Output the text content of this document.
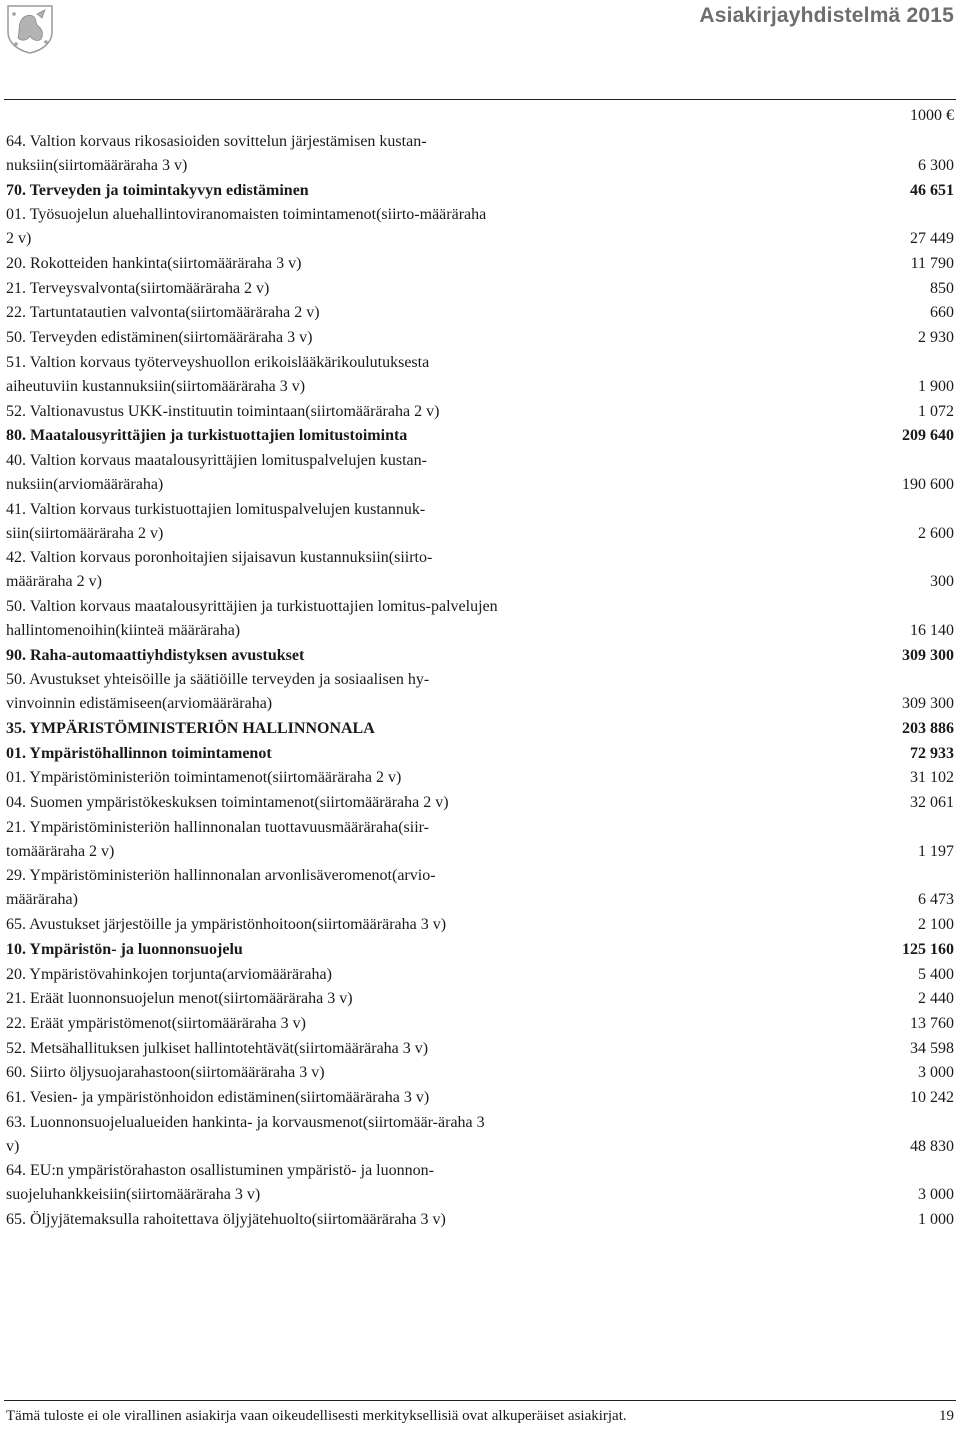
Asiakirjayhdistelmä 2015
1000 €
64. Valtion korvaus rikosasioiden sovittelun järjestämisen kustan-nuksiin(siirtomääräraha 3 v)	6 300
70. Terveyden ja toimintakyvyn edistäminen	46 651
01. Työsuojelun aluehallintoviranomaisten toimintamenot(siirto-määräraha 2 v)	27 449
20. Rokotteiden hankinta(siirtomääräraha 3 v)	11 790
21. Terveysvalvonta(siirtomääräraha 2 v)	850
22. Tartuntatautien valvonta(siirtomääräraha 2 v)	660
50. Terveyden edistäminen(siirtomääräraha 3 v)	2 930
51. Valtion korvaus työterveyshuollon erikoislääkärikoulutuksesta aiheutuviin kustannuksiin(siirtomääräraha 3 v)	1 900
52. Valtionavustus UKK-instituutin toimintaan(siirtomääräraha 2 v)	1 072
80. Maatalousyrittäjien ja turkistuottajien lomitustoiminta	209 640
40. Valtion korvaus maatalousyrittäjien lomituspalvelujen kustan-nuksiin(arviomääräraha)	190 600
41. Valtion korvaus turkistuottajien lomituspalvelujen kustannuk-siin(siirtomääräraha 2 v)	2 600
42. Valtion korvaus poronhoitajien sijaisavun kustannuksiin(siirto-määräraha 2 v)	300
50. Valtion korvaus maatalousyrittäjien ja turkistuottajien lomitus-palvelujen hallintomenoihin(kiinteä määräraha)	16 140
90. Raha-automaattiyhdistyksen avustukset	309 300
50. Avustukset yhteisöille ja säätiöille terveyden ja sosiaalisen hy-vinvoinnin edistämiseen(arviomääräraha)	309 300
35. YMPÄRISTÖMINISTERIÖN HALLINNONALA	203 886
01. Ympäristöhallinnon toimintamenot	72 933
01. Ympäristöministeriön toimintamenot(siirtomääräraha 2 v)	31 102
04. Suomen ympäristökeskuksen toimintamenot(siirtomääräraha 2 v)	32 061
21. Ympäristöministeriön hallinnonalan tuottavuusmääräraha(siir-tomääräraha 2 v)	1 197
29. Ympäristöministeriön hallinnonalan arvonlisäveromenot(arvio-määräraha)	6 473
65. Avustukset järjestöille ja ympäristönhoitoon(siirtomääräraha 3 v)	2 100
10. Ympäristön- ja luonnonsuojelu	125 160
20. Ympäristövahinkojen torjunta(arviomääräraha)	5 400
21. Eräät luonnonsuojelun menot(siirtomääräraha 3 v)	2 440
22. Eräät ympäristömenot(siirtomääräraha 3 v)	13 760
52. Metsähallituksen julkiset hallintotehtävät(siirtomääräraha 3 v)	34 598
60. Siirto öljysuojarahastoon(siirtomääräraha 3 v)	3 000
61. Vesien- ja ympäristönhoidon edistäminen(siirtomääräraha 3 v)	10 242
63. Luonnonsuojelualueiden hankinta- ja korvausmenot(siirtomäär-äraha 3 v)	48 830
64. EU:n ympäristörahaston osallistuminen ympäristö- ja luonnon-suojeluhankkeisiin(siirtomääräraha 3 v)	3 000
65. Öljyjätemaksulla rahoitettava öljyjätehuolto(siirtomääräraha 3 v)	1 000
Tämä tuloste ei ole virallinen asiakirja vaan oikeudellisesti merkityksellisiä ovat alkuperäiset asiakirjat.	19
